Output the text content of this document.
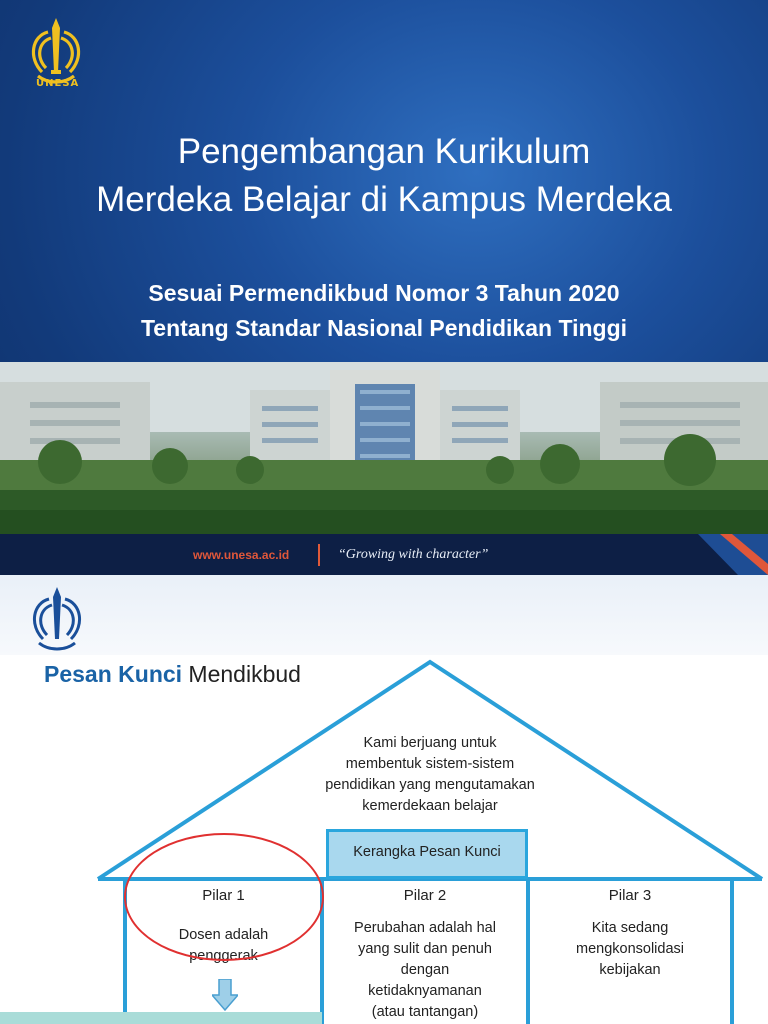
UNESA
Pengembangan Kurikulum
Merdeka Belajar di Kampus Merdeka
Sesuai Permendikbud Nomor 3 Tahun 2020
Tentang Standar Nasional Pendidikan Tinggi
www.unesa.ac.id	“Growing with character”
Pesan Kunci Mendikbud
Kami berjuang untuk
membentuk sistem-sistem
pendidikan yang mengutamakan
kemerdekaan belajar
Kerangka Pesan Kunci
Pilar 1
Dosen adalah
penggerak
Pilar 2
Perubahan adalah hal
yang sulit dan penuh
dengan
ketidaknyamanan
(atau tantangan)
Pilar 3
Kita sedang
mengkonsolidasi
kebijakan
